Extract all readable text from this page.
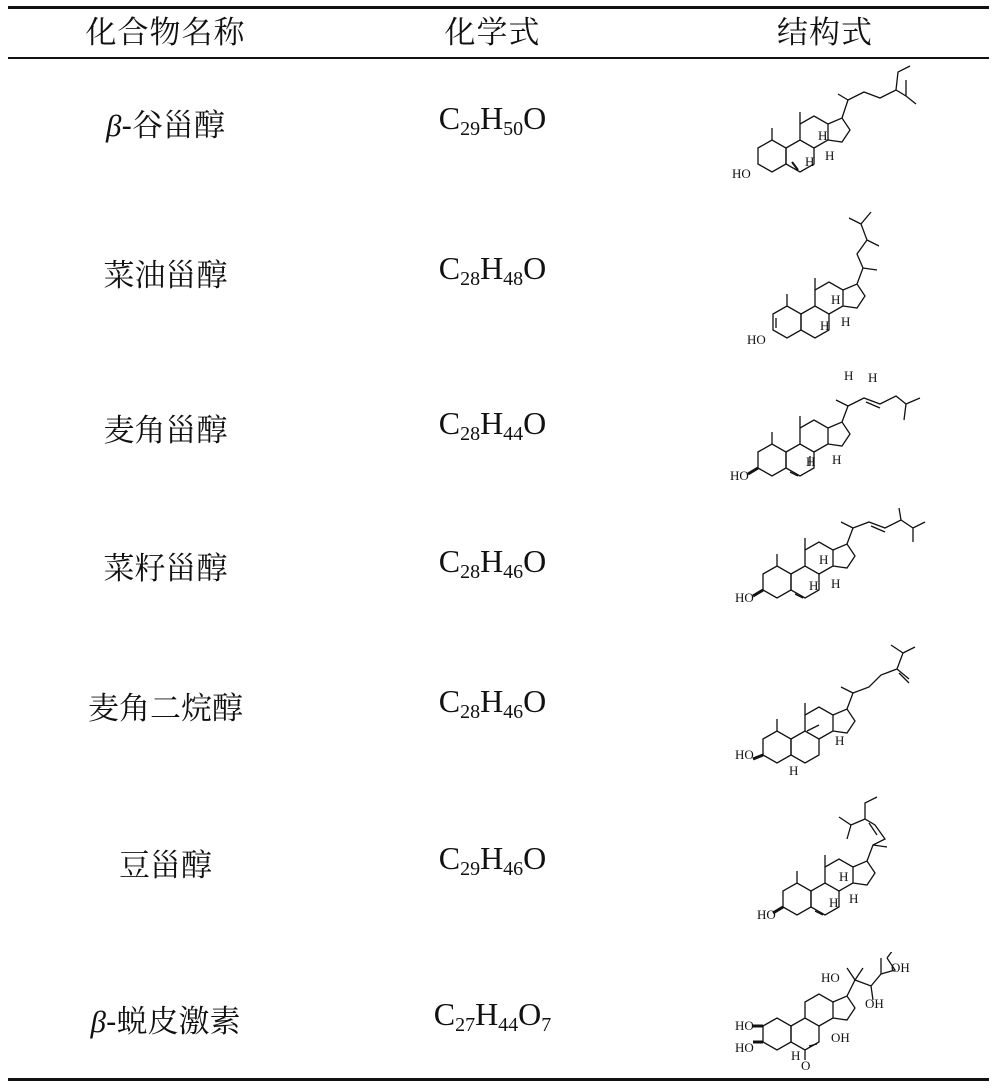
化合物名称	化学式	结构式
β-谷甾醇	$C_{29}H_{50}O$
菜油甾醇	$C_{28}H_{48}O$
麦角甾醇	$C_{28}H_{44}O$
菜籽甾醇	$C_{28}H_{46}O$
麦角二烷醇	$C_{28}H_{46}O$
豆甾醇	$C_{29}H_{46}O$
β-蜕皮激素	$C_{27}H_{44}O_7$
HO
H
H H
HO
H
H H
HO
H H
H H
HO
H
H H
HO
H
H
HO
H
H H
HO
HO
HO
OH
OH
OH
H
O
